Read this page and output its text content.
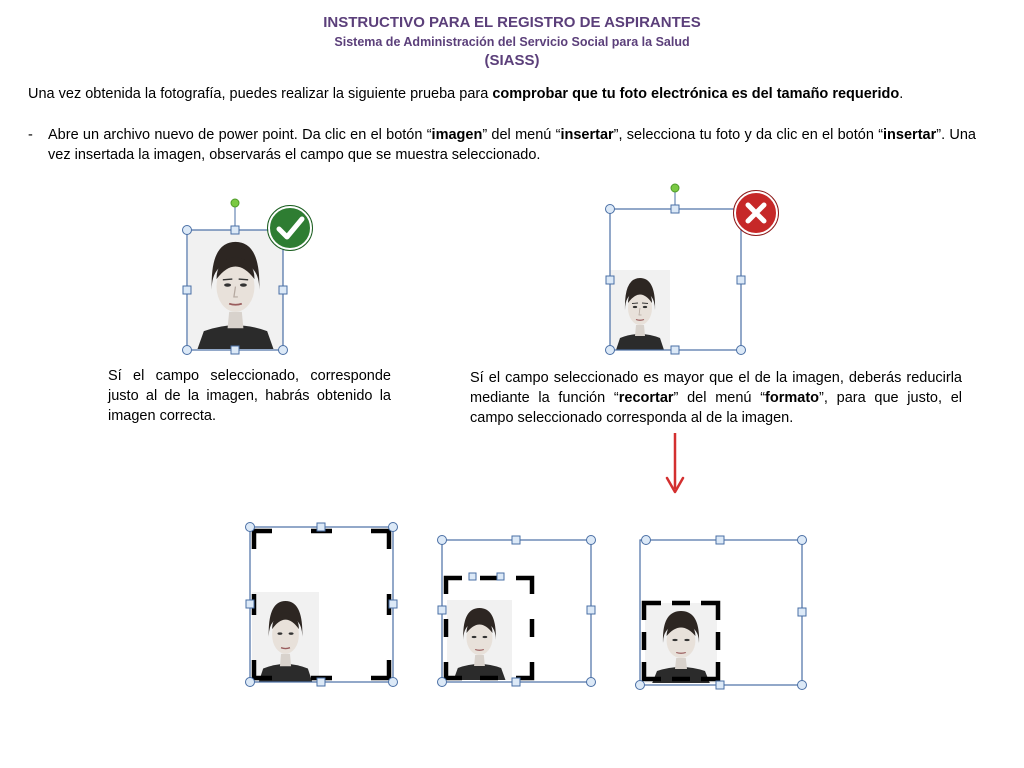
INSTRUCTIVO PARA EL REGISTRO DE ASPIRANTES
Sistema de Administración del Servicio Social para la Salud
(SIASS)
Una vez obtenida la fotografía, puedes realizar la siguiente prueba para comprobar que tu foto electrónica es del tamaño requerido.
- Abre un archivo nuevo de power point. Da clic en el botón “imagen” del menú “insertar”, selecciona tu foto y da clic en el botón “insertar”. Una vez insertada la imagen, observarás el campo que se muestra seleccionado.
Sí el campo seleccionado, corresponde justo al de la imagen, habrás obtenido la imagen correcta.
Sí el campo seleccionado es mayor que el de la imagen, deberás reducirla mediante la función “recortar” del menú “formato”, para que justo, el campo seleccionado corresponda al de la imagen.
